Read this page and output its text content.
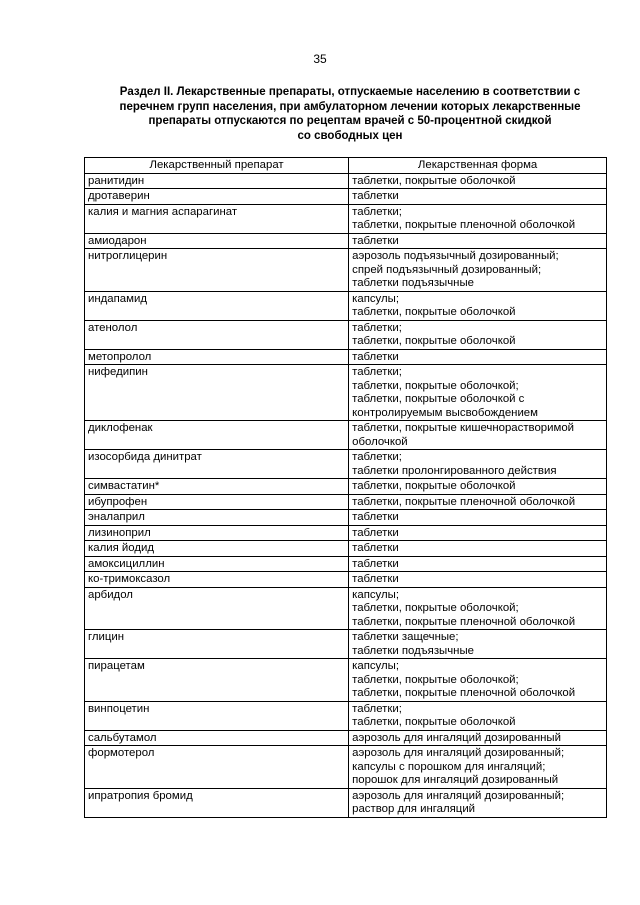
35
Раздел II. Лекарственные препараты, отпускаемые населению в соответствии с
перечнем групп населения, при амбулаторном лечении которых лекарственные
препараты отпускаются по рецептам врачей с 50-процентной скидкой
со свободных цен
Лекарственный препарат	Лекарственная форма
ранитидин	таблетки, покрытые оболочкой

дротаверин	таблетки

калия и магния аспарагинат	таблетки;
таблетки, покрытые пленочной оболочкой

амиодарон	таблетки

нитроглицерин	аэрозоль подъязычный дозированный;
спрей подъязычный дозированный;
таблетки подъязычные

индапамид	капсулы;
таблетки, покрытые оболочкой

атенолол	таблетки;
таблетки, покрытые оболочкой

метопролол	таблетки

нифедипин	таблетки;
таблетки, покрытые оболочкой;
таблетки, покрытые оболочкой с
контролируемым высвобождением

диклофенак	таблетки, покрытые кишечнорастворимой
оболочкой

изосорбида динитрат	таблетки;
таблетки пролонгированного действия

симвастатин*	таблетки, покрытые оболочкой

ибупрофен	таблетки, покрытые пленочной оболочкой

эналаприл	таблетки

лизиноприл	таблетки

калия йодид	таблетки

амоксициллин	таблетки

ко-тримоксазол	таблетки

арбидол	капсулы;
таблетки, покрытые оболочкой;
таблетки, покрытые пленочной оболочкой

глицин	таблетки защечные;
таблетки подъязычные

пирацетам	капсулы;
таблетки, покрытые оболочкой;
таблетки, покрытые пленочной оболочкой

винпоцетин	таблетки;
таблетки, покрытые оболочкой

сальбутамол	аэрозоль для ингаляций дозированный

формотерол	аэрозоль для ингаляций дозированный;
капсулы с порошком для ингаляций;
порошок для ингаляций дозированный

ипратропия бромид	аэрозоль для ингаляций дозированный;
раствор для ингаляций
